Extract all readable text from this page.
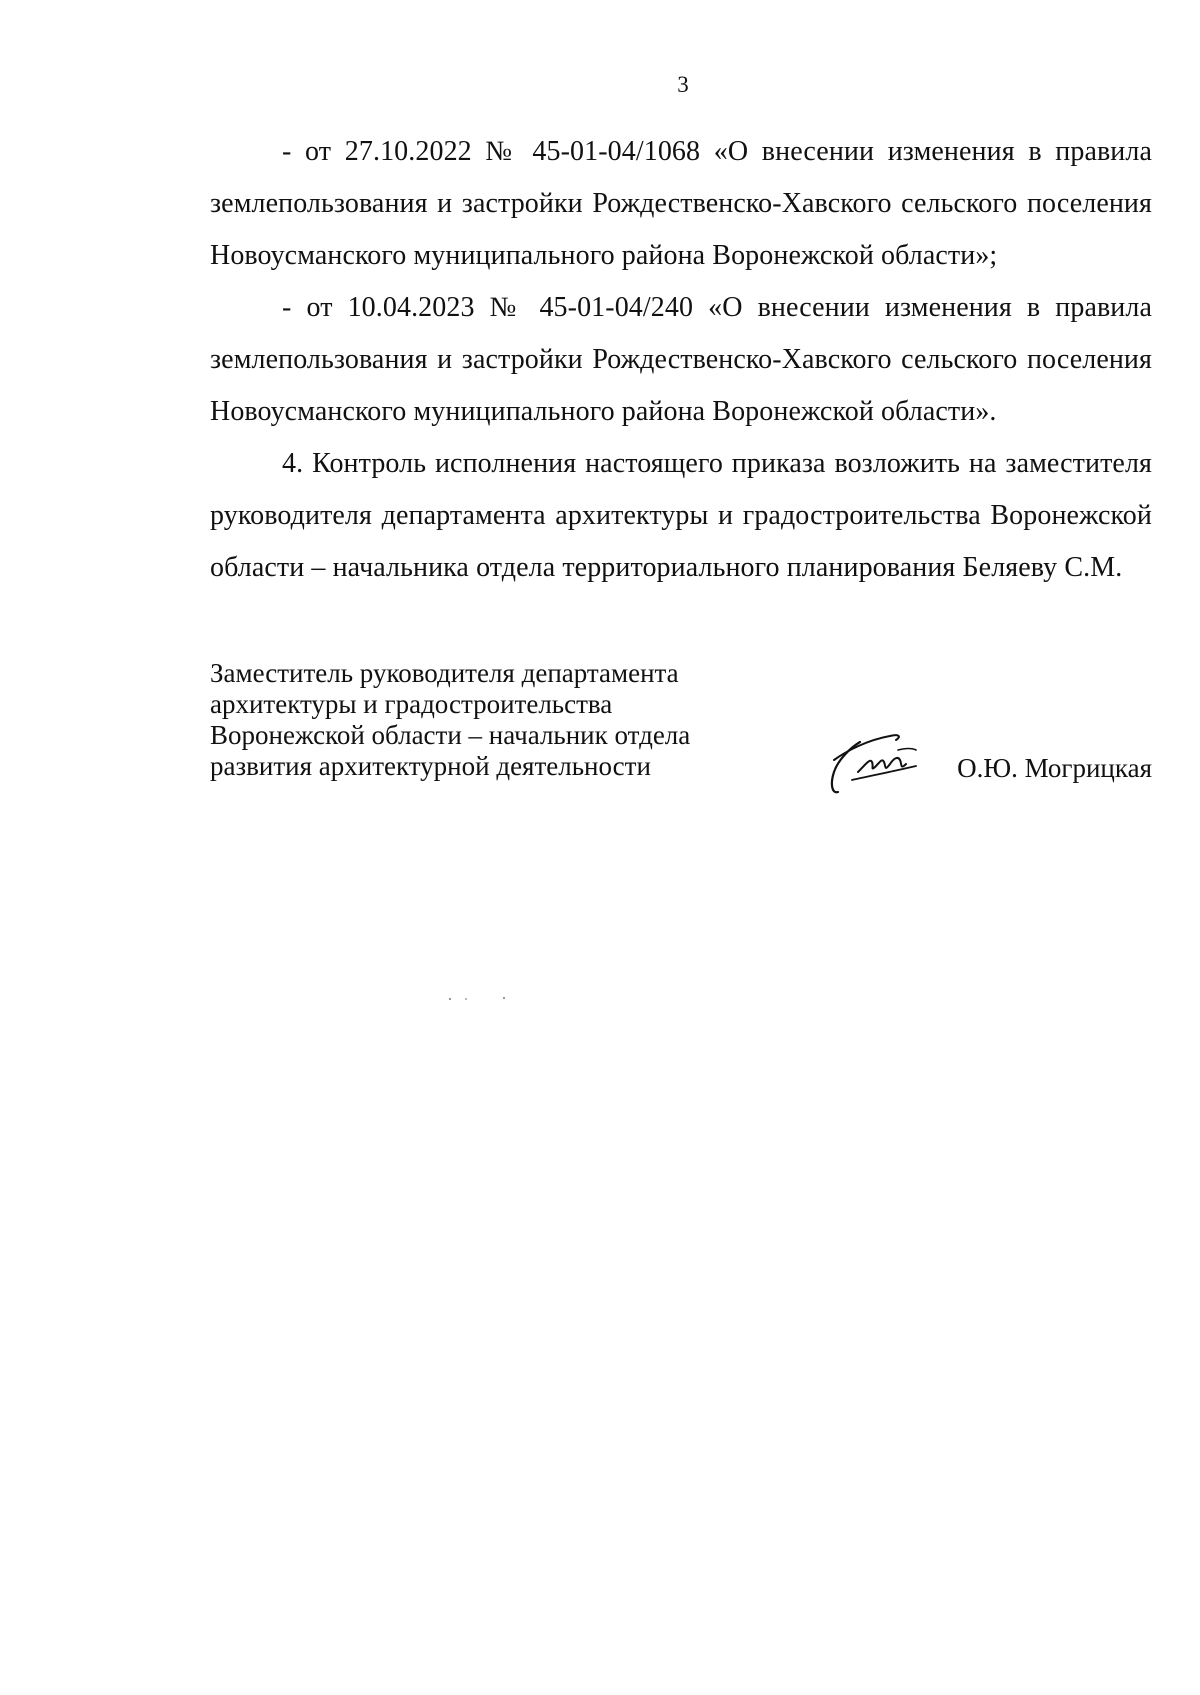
3

- от 27.10.2022 № 45-01-04/1068 «О внесении изменения в правила землепользования и застройки Рождественско-Хавского сельского поселения Новоусманского муниципального района Воронежской области»;

- от 10.04.2023 № 45-01-04/240 «О внесении изменения в правила землепользования и застройки Рождественско-Хавского сельского поселения Новоусманского муниципального района Воронежской области».

4. Контроль исполнения настоящего приказа возложить на заместителя руководителя департамента архитектуры и градостроительства Воронежской области – начальника отдела территориального планирования Беляеву С.М.

Заместитель руководителя департамента
архитектуры и градостроительства
Воронежской области – начальник отдела
развития архитектурной деятельности	О.Ю. Могрицкая
